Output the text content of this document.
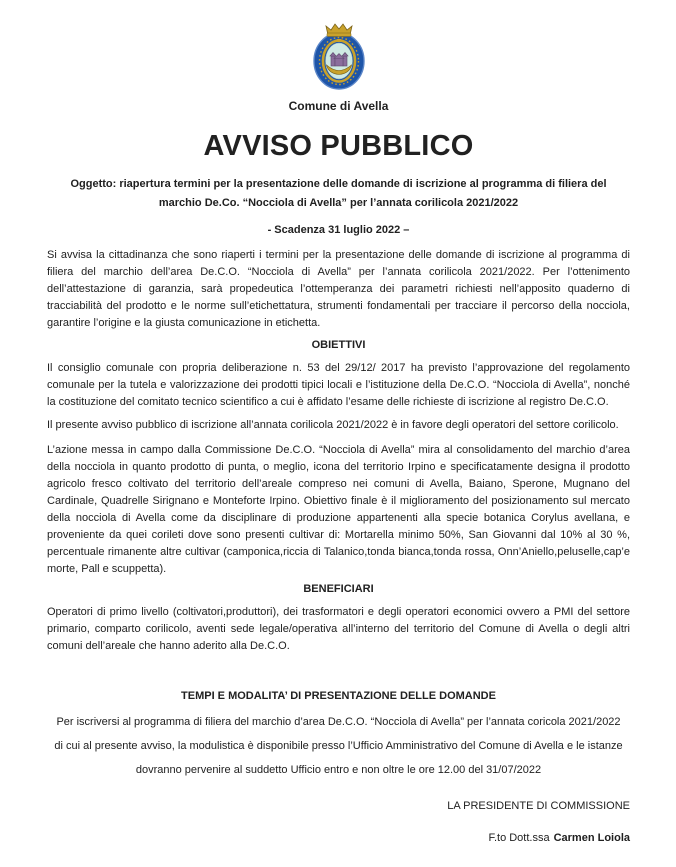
Comune di Avella
AVVISO PUBBLICO
Oggetto: riapertura termini per la presentazione delle domande di iscrizione al programma di filiera del marchio De.Co. “Nocciola di Avella” per l’annata corilicola 2021/2022
- Scadenza 31 luglio 2022 –

Si avvisa la cittadinanza che sono riaperti i termini per la presentazione delle domande di iscrizione al programma di filiera del marchio dell’area De.C.O. “Nocciola di Avella” per l’annata corilicola 2021/2022. Per l’ottenimento dell’attestazione di garanzia, sarà propedeutica l’ottemperanza dei parametri richiesti nell’apposito quaderno di tracciabilità del prodotto e le norme sull’etichettatura, strumenti fondamentali per tracciare il percorso della nocciola, garantire l’origine e la giusta comunicazione in etichetta.

OBIETTIVI

Il consiglio comunale con propria deliberazione n. 53 del 29/12/ 2017 ha previsto l’approvazione del regolamento comunale per la tutela e valorizzazione dei prodotti tipici locali e l’istituzione della De.C.O. “Nocciola di Avella”, nonché la costituzione del comitato tecnico scientifico a cui è affidato l’esame delle richieste di iscrizione al registro De.C.O.

Il presente avviso pubblico di iscrizione all’annata corilicola 2021/2022 è in favore degli operatori del settore corilicolo.

L’azione messa in campo dalla Commissione De.C.O. “Nocciola di Avella” mira al consolidamento del marchio d’area della nocciola in quanto prodotto di punta, o meglio, icona del territorio Irpino e specificatamente designa il prodotto agricolo fresco coltivato del territorio dell’areale compreso nei comuni di Avella, Baiano, Sperone, Mugnano del Cardinale, Quadrelle Sirignano e Monteforte Irpino. Obiettivo finale è il miglioramento del posizionamento sul mercato della nocciola di Avella come da disciplinare di produzione appartenenti alla specie botanica Corylus avellana, e proveniente da quei corileti dove sono presenti cultivar di: Mortarella minimo 50%, San Giovanni dal 10% al 30 %, percentuale rimanente altre cultivar (camponica,riccia di Talanico,tonda bianca,tonda rossa, Onn’Aniello,peluselle,cap’e morte, Pall e scuppetta).

BENEFICIARI

Operatori di primo livello (coltivatori,produttori), dei trasformatori e degli operatori economici ovvero a PMI del settore primario, comparto corilicolo, aventi sede legale/operativa all’interno del territorio del Comune di Avella o degli altri comuni dell’areale che hanno aderito alla De.C.O.

TEMPI E MODALITA’ DI PRESENTAZIONE DELLE DOMANDE

Per iscriversi al programma di filiera del marchio d’area De.C.O. “Nocciola di Avella” per l’annata coricola 2021/2022 di cui al presente avviso, la modulistica è disponibile presso l’Ufficio Amministrativo del Comune di Avella e le istanze dovranno pervenire al suddetto Ufficio entro e non oltre le ore 12.00 del 31/07/2022

LA PRESIDENTE DI COMMISSIONE
F.to Dott.ssa Carmen Loiola
